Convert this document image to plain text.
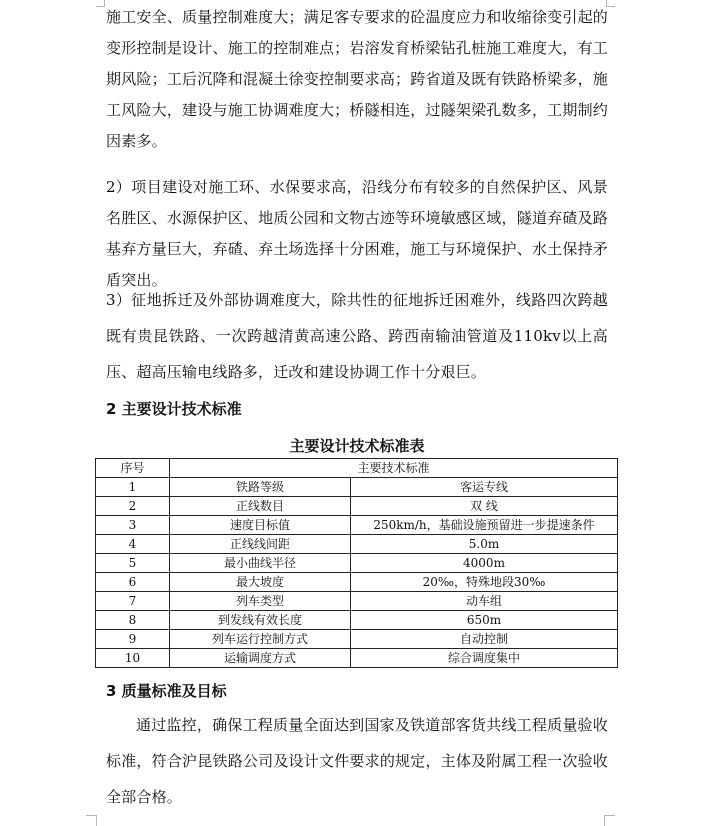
施工安全、质量控制难度大；满足客专要求的砼温度应力和收缩徐变引起的变形控制是设计、施工的控制难点；岩溶发育桥梁钻孔桩施工难度大，有工期风险；工后沉降和混凝土徐变控制要求高；跨省道及既有铁路桥梁多，施工风险大，建设与施工协调难度大；桥隧相连，过隧架梁孔数多，工期制约因素多。

2）项目建设对施工环、水保要求高，沿线分布有较多的自然保护区、风景名胜区、水源保护区、地质公园和文物古迹等环境敏感区域，隧道弃碴及路基弃方量巨大，弃碴、弃土场选择十分困难，施工与环境保护、水土保持矛盾突出。

3）征地拆迁及外部协调难度大，除共性的征地拆迁困难外，线路四次跨越既有贵昆铁路、一次跨越清黄高速公路、跨西南输油管道及110kv以上高压、超高压输电线路多，迁改和建设协调工作十分艰巨。

2 主要设计技术标准
主要设计技术标准表
序号	主要技术标准	
1	铁路等级	客运专线
2	正线数目	双 线
3	速度目标值	250km/h，基础设施预留进一步提速条件
4	正线线间距	5.0m
5	最小曲线半径	4000m
6	最大坡度	20‰，特殊地段30‰
7	列车类型	动车组
8	到发线有效长度	650m
9	列车运行控制方式	自动控制
10	运输调度方式	综合调度集中
3 质量标准及目标

通过监控，确保工程质量全面达到国家及铁道部客货共线工程质量验收标准，符合沪昆铁路公司及设计文件要求的规定，主体及附属工程一次验收全部合格。
